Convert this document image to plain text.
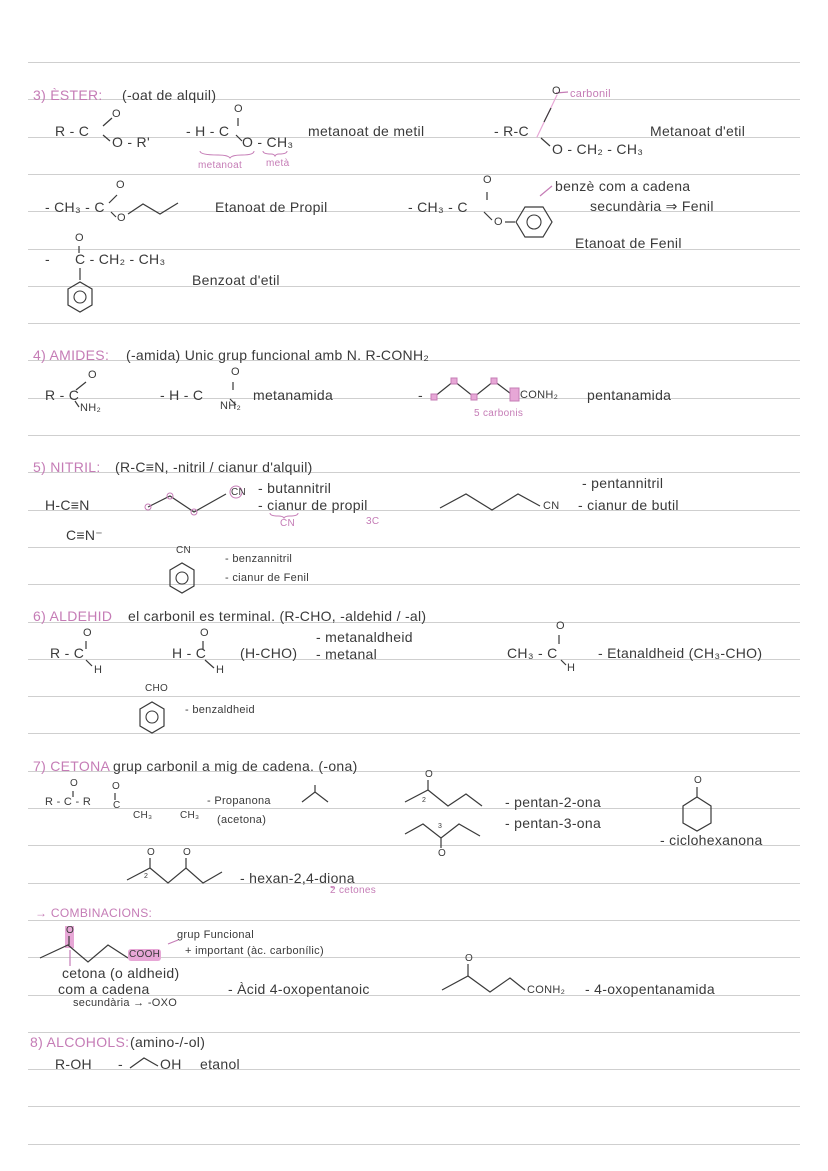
3) ÈSTER: (-oat de alquil)
R - C
O
O - R'
- H - C
O
O - CH₃
metanoat metà
metanoat de metil	- R-C
O carbonil
O - CH₂ - CH₃
Metanoat d'etil
- CH₃ - C
O
O
Etanoat de Propil	- CH₃ - C
O
O
benzè com a cadena
secundària ⇒ Fenil
Etanoat de Fenil
-
O
C - CH₂ - CH₃
Benzoat d'etil
4) AMIDES: (-amida) Unic grup funcional amb N. R-CONH₂
R - C
O
NH₂
- H - C
O
NH₂
metanamida	-	CONH₂
5 carbonis
pentanamida
5) NITRIL: (R-C≡N, -nitril / cianur d'alquil)
H-C≡N
C≡N⁻
CN - butannitril
- cianur de propil
CN	3C
CN
- pentannitril
- cianur de butil
CN
- benzannitril
- cianur de Fenil
6) ALDEHID el carbonil es terminal. (R-CHO, -aldehid / -al)
R - C
O
H
H - C
O
H
(H-CHO)
- metanaldheid
- metanal	CH₃ - C
O
H
- Etanaldheid (CH₃-CHO)
CHO
- benzaldheid
7) CETONA grup carbonil a mig de cadena. (-ona)
R - C - R
O	O
C
CH₃	CH₃
- Propanona
(acetona)
O
2	- pentan-2-ona
O
3	- pentan-3-ona
O
- ciclohexanona
O	O
2	- hexan-2,4-diona
2 cetones
→ COMBINACIONS:
O
COOH
grup Funcional
+ important (àc. carbonílic)
cetona (o aldheid)
com a cadena
secundària → -OXO
- Àcid 4-oxopentanoic
O
CONH₂ - 4-oxopentanamida
8) ALCOHOLS: (amino-/-ol)
R-OH -	OH etanol
